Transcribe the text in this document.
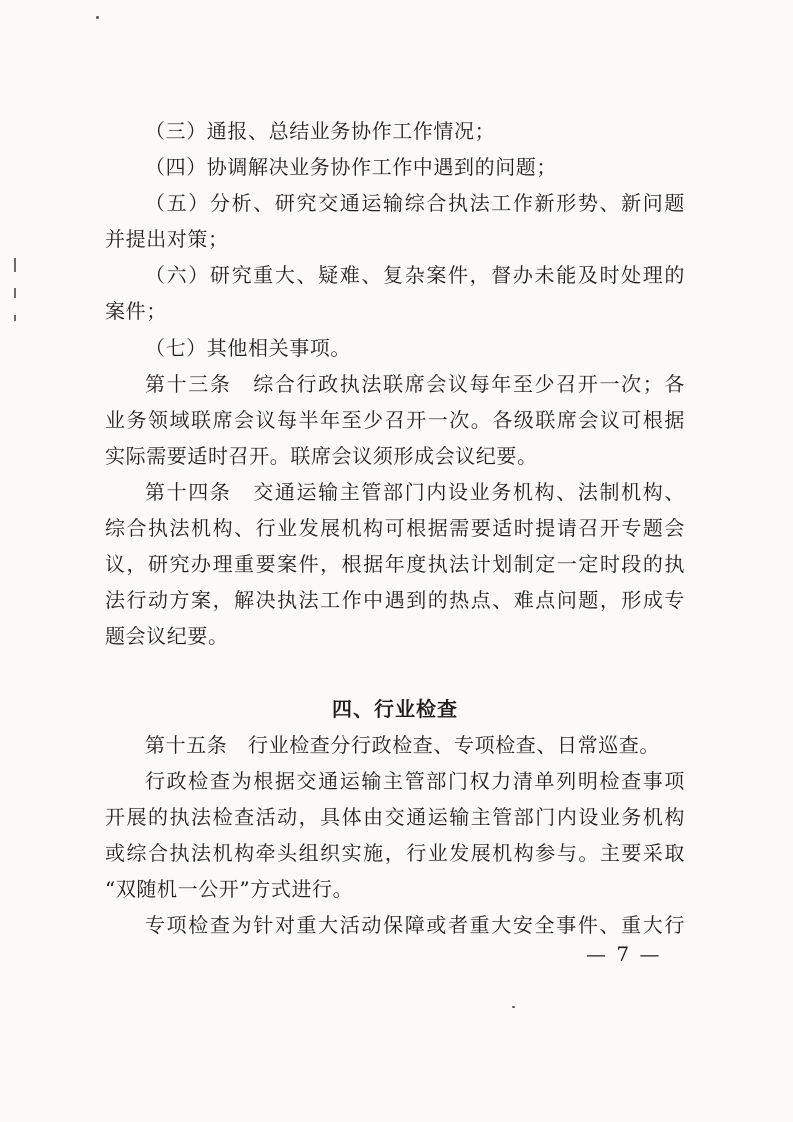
（三）通报、总结业务协作工作情况；
（四）协调解决业务协作工作中遇到的问题；
（五）分析、研究交通运输综合执法工作新形势、新问题
并提出对策；
（六）研究重大、疑难、复杂案件，督办未能及时处理的
案件；
（七）其他相关事项。
第十三条　综合行政执法联席会议每年至少召开一次；各
业务领域联席会议每半年至少召开一次。各级联席会议可根据
实际需要适时召开。联席会议须形成会议纪要。
第十四条　交通运输主管部门内设业务机构、法制机构、
综合执法机构、行业发展机构可根据需要适时提请召开专题会
议，研究办理重要案件，根据年度执法计划制定一定时段的执
法行动方案，解决执法工作中遇到的热点、难点问题，形成专
题会议纪要。
四、行业检查
第十五条　行业检查分行政检查、专项检查、日常巡查。
行政检查为根据交通运输主管部门权力清单列明检查事项
开展的执法检查活动，具体由交通运输主管部门内设业务机构
或综合执法机构牵头组织实施，行业发展机构参与。主要采取
“双随机一公开”方式进行。
专项检查为针对重大活动保障或者重大安全事件、重大行
— 7 —
